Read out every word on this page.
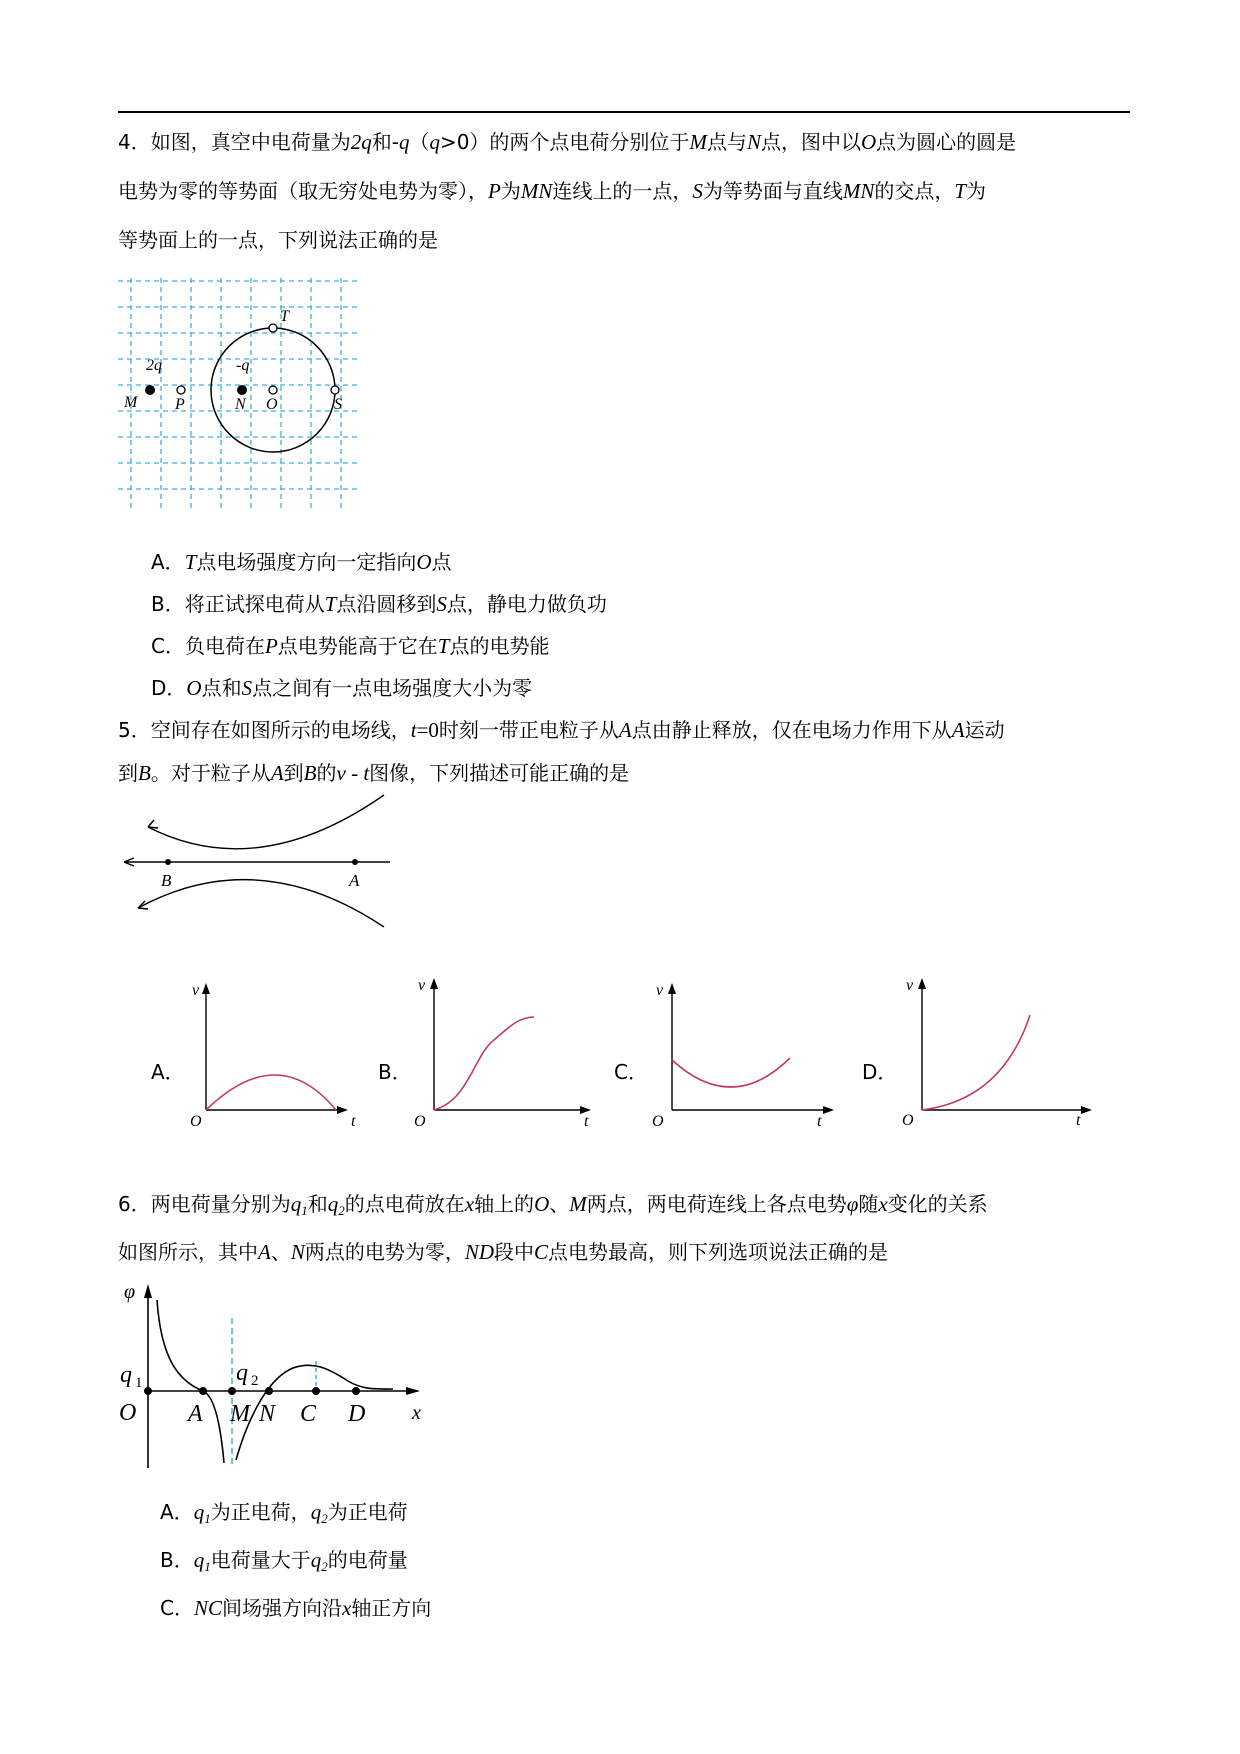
4．如图，真空中电荷量为2q和-q（q>0）的两个点电荷分别位于M点与N点，图中以O点为圆心的圆是
电势为零的等势面（取无穷处电势为零），P为MN连线上的一点，S为等势面与直线MN的交点，T为
等势面上的一点，下列说法正确的是
T
2q	-q
M P	N O	S
A．T点电场强度方向一定指向O点
B．将正试探电荷从T点沿圆移到S点，静电力做负功
C．负电荷在P点电势能高于它在T点的电势能
D．O点和S点之间有一点电场强度大小为零
5．空间存在如图所示的电场线，t=0时刻一带正电粒子从A点由静止释放，仅在电场力作用下从A运动
到B。对于粒子从A到B的v - t图像，下列描述可能正确的是
B	A
A．
v
O	t
B．
v
O	t
C．
v
O	t
D．
v
O	t
6．两电荷量分别为$q_1$和$q_2$的点电荷放在x轴上的O、M两点，两电荷连线上各点电势φ随x变化的关系
如图所示，其中A、N两点的电势为零，ND段中C点电势最高，则下列选项说法正确的是
φ
q 1	q 2
O A M N C D x
A．$q_1$为正电荷，$q_2$为正电荷
B．$q_1$电荷量大于$q_2$的电荷量
C．NC间场强方向沿x轴正方向
